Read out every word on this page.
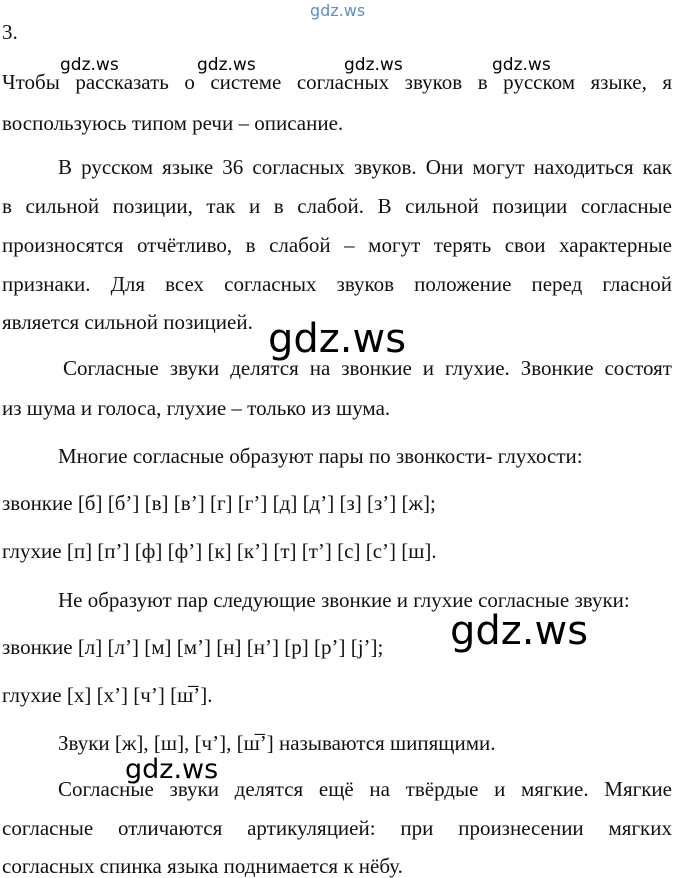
gdz.ws
gdz.ws	gdz.ws	gdz.ws	gdz.ws
gdz.ws
gdz.ws
gdz.ws
3.
Чтобы рассказать о системе согласных звуков в русском языке, я
воспользуюсь типом речи – описание.
В русском языке 36 согласных звуков. Они могут находиться как
в сильной позиции, так и в слабой. В сильной позиции согласные
произносятся отчётливо, в слабой – могут терять свои характерные
признаки. Для всех согласных звуков положение перед гласной
является сильной позицией.
Согласные звуки делятся на звонкие и глухие. Звонкие состоят
из шума и голоса, глухие – только из шума.
Многие согласные образуют пары по звонкости- глухости:
звонкие [б] [б’] [в] [в’] [г] [г’] [д] [д’] [з] [з’] [ж];
глухие [п] [п’] [ф] [ф’] [к] [к’] [т] [т’] [с] [с’] [ш].
Не образуют пар следующие звонкие и глухие согласные звуки:
звонкие [л] [л’] [м] [м’] [н] [н’] [р] [р’] [j’];
глухие [х] [х’] [ч’] [ш̅’].
Звуки [ж], [ш], [ч’], [ш̅’] называются шипящими.
Согласные звуки делятся ещё на твёрдые и мягкие. Мягкие
согласные отличаются артикуляцией: при произнесении мягких
согласных спинка языка поднимается к нёбу.
